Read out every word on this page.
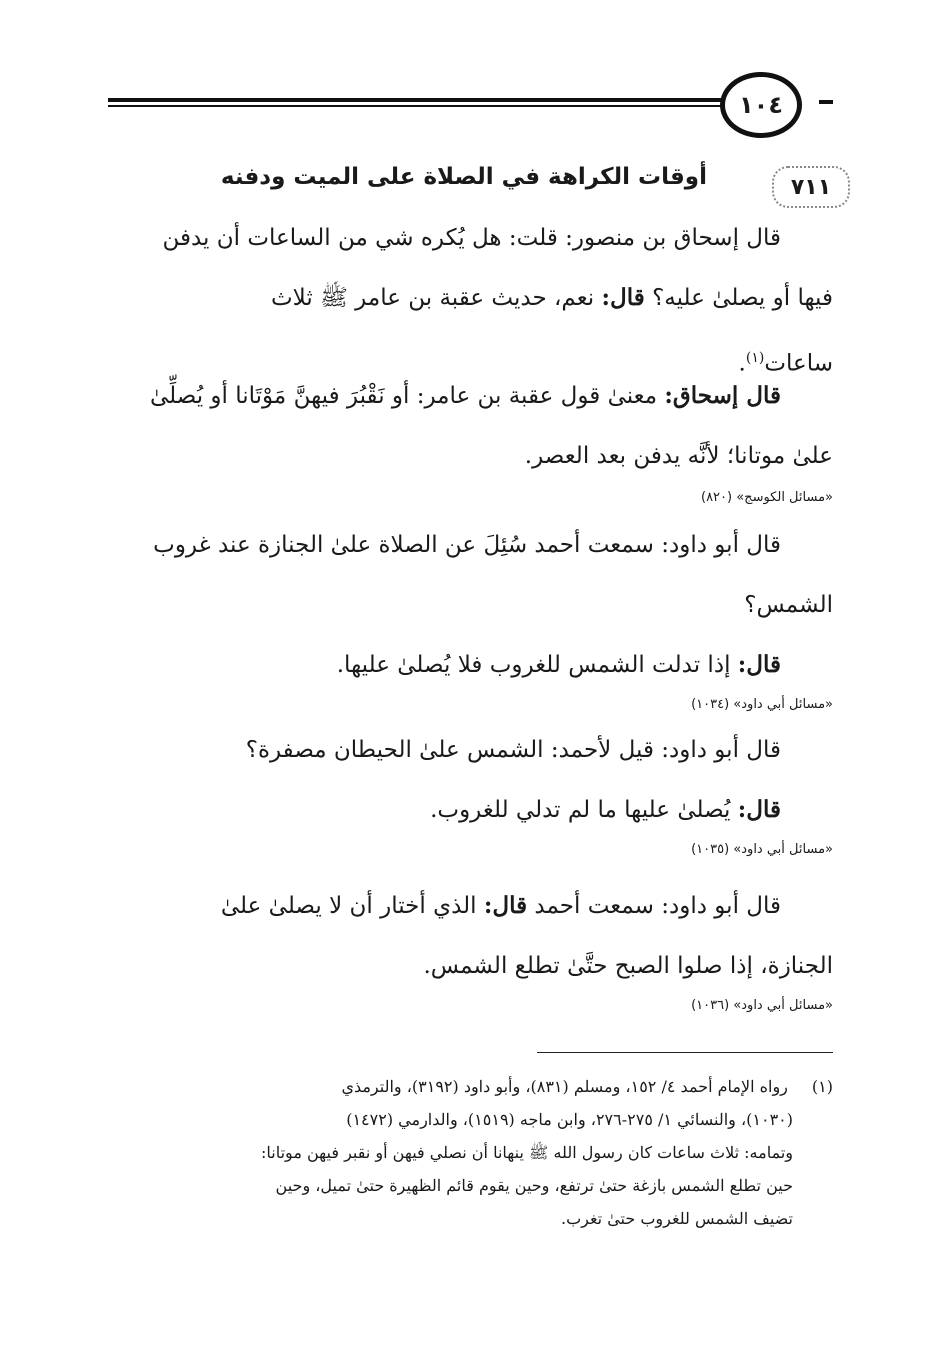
١٠٤
٧١١
أوقات الكراهة في الصلاة على الميت ودفنه
قال إسحاق بن منصور: قلت: هل يُكره شي من الساعات أن يدفن
فيها أو يصلىٰ عليه؟ قال: نعم، حديث عقبة بن عامر ﷺ ثلاث
ساعات$^{(١)}$.
قال إسحاق: معنىٰ قول عقبة بن عامر: أو نَقْبُرَ فيهنَّ مَوْتَانا أو يُصلِّىٰ
علىٰ موتانا؛ لأنَّه يدفن بعد العصر.
«مسائل الكوسج» (٨٢٠)
قال أبو داود: سمعت أحمد سُئِلَ عن الصلاة علىٰ الجنازة عند غروب
الشمس؟
قال: إذا تدلت الشمس للغروب فلا يُصلىٰ عليها.
«مسائل أبي داود» (١٠٣٤)
قال أبو داود: قيل لأحمد: الشمس علىٰ الحيطان مصفرة؟
قال: يُصلىٰ عليها ما لم تدلي للغروب.
«مسائل أبي داود» (١٠٣٥)
قال أبو داود: سمعت أحمد قال: الذي أختار أن لا يصلىٰ علىٰ
الجنازة، إذا صلوا الصبح حتَّىٰ تطلع الشمس.
«مسائل أبي داود» (١٠٣٦)
(١) رواه الإمام أحمد ٤/ ١٥٢، ومسلم (٨٣١)، وأبو داود (٣١٩٢)، والترمذي
(١٠٣٠)، والنسائي ١/ ٢٧٥-٢٧٦، وابن ماجه (١٥١٩)، والدارمي (١٤٧٢)
وتمامه: ثلاث ساعات كان رسول الله ﷺ ينهانا أن نصلي فيهن أو نقبر فيهن موتانا:
حين تطلع الشمس بازغة حتىٰ ترتفع، وحين يقوم قائم الظهيرة حتىٰ تميل، وحين
تضيف الشمس للغروب حتىٰ تغرب.
